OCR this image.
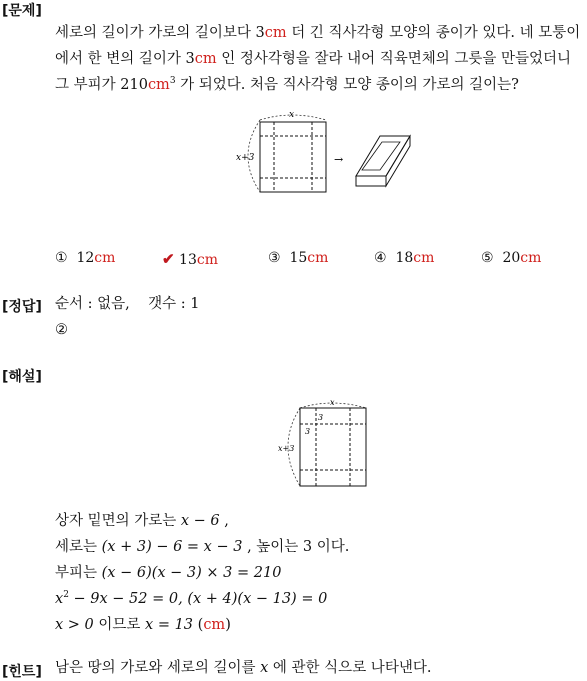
[문제]
세로의 길이가 가로의 길이보다 3cm 더 긴 직사각형 모양의 종이가 있다. 네 모퉁이
에서 한 변의 길이가 3cm 인 정사각형을 잘라 내어 직육면체의 그릇을 만들었더니
그 부피가 $210cm^3$ 가 되었다. 처음 직사각형 모양 종이의 가로의 길이는?
x
x+3	→
① 12cm	✔ 13cm	③ 15cm	④ 18cm	⑤ 20cm
[정답] 순서 : 없음,    갯수 : 1
②
[해설]
x
x+3
3
3
상자 밑면의 가로는 x − 6 ,
세로는 (x + 3) − 6 = x − 3 , 높이는 3 이다.
부피는 (x − 6)(x − 3) × 3 = 210
$x^2 - 9x - 52 = 0$, (x + 4)(x − 13) = 0
x > 0 이므로 x = 13 (cm)
[힌트] 남은 땅의 가로와 세로의 길이를 x 에 관한 식으로 나타낸다.
